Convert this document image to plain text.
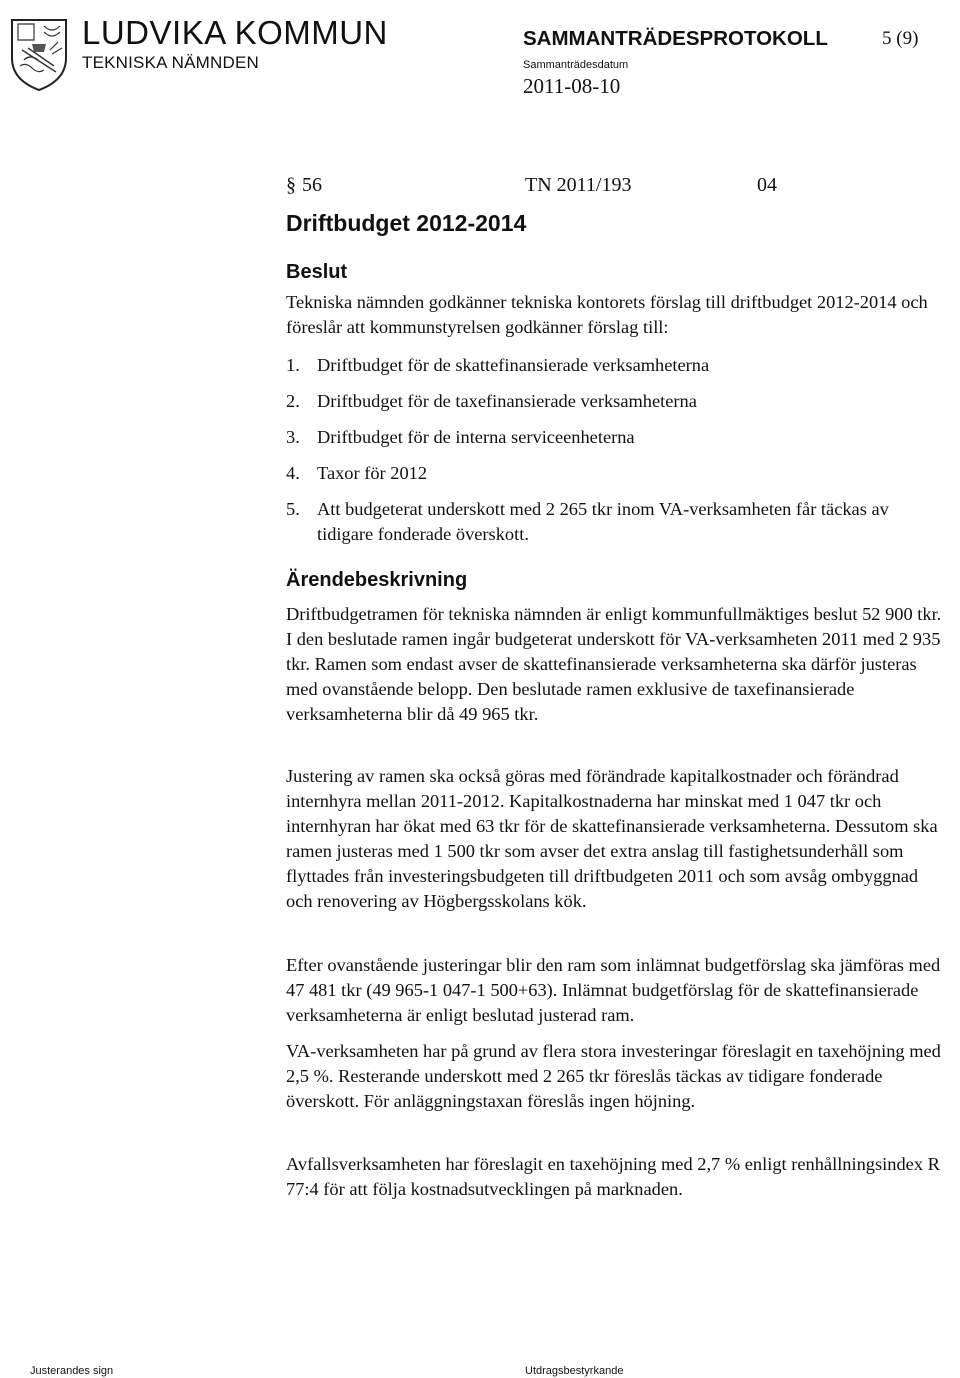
LUDVIKA KOMMUN
TEKNISKA NÄMNDEN
SAMMANTRÄDESPROTOKOLL	5 (9)
Sammanträdesdatum
2011-08-10
§ 56	TN 2011/193	04
Driftbudget 2012-2014
Beslut

Tekniska nämnden godkänner tekniska kontorets förslag till driftbudget 2012-2014 och föreslår att kommunstyrelsen godkänner förslag till:

1. Driftbudget för de skattefinansierade verksamheterna
2. Driftbudget för de taxefinansierade verksamheterna
3. Driftbudget för de interna serviceenheterna
4. Taxor för 2012
5. Att budgeterat underskott med 2 265 tkr inom VA-verksamheten får täckas av tidigare fonderade överskott.
Ärendebeskrivning

Driftbudgetramen för tekniska nämnden är enligt kommunfullmäktiges beslut 52 900 tkr. I den beslutade ramen ingår budgeterat underskott för VA-verksamheten 2011 med 2 935 tkr. Ramen som endast avser de skattefinansierade verksamheterna ska därför justeras med ovanstående belopp. Den beslutade ramen exklusive de taxefinansierade verksamheterna blir då 49 965 tkr.

Justering av ramen ska också göras med förändrade kapitalkostnader och förändrad internhyra mellan 2011-2012. Kapitalkostnaderna har minskat med 1 047 tkr och internhyran har ökat med 63 tkr för de skattefinansierade verksamheterna. Dessutom ska ramen justeras med 1 500 tkr som avser det extra anslag till fastighetsunderhåll som flyttades från investeringsbudgeten till driftbudgeten 2011 och som avsåg ombyggnad och renovering av Högbergsskolans kök.

Efter ovanstående justeringar blir den ram som inlämnat budgetförslag ska jämföras med 47 481 tkr (49 965-1 047-1 500+63). Inlämnat budgetförslag för de skattefinansierade verksamheterna är enligt beslutad justerad ram.

VA-verksamheten har på grund av flera stora investeringar föreslagit en taxehöjning med 2,5 %. Resterande underskott med 2 265 tkr föreslås täckas av tidigare fonderade överskott. För anläggningstaxan föreslås ingen höjning.

Avfallsverksamheten har föreslagit en taxehöjning med 2,7 % enligt renhållningsindex R 77:4 för att följa kostnadsutvecklingen på marknaden.

Justerandes sign	Utdragsbestyrkande
